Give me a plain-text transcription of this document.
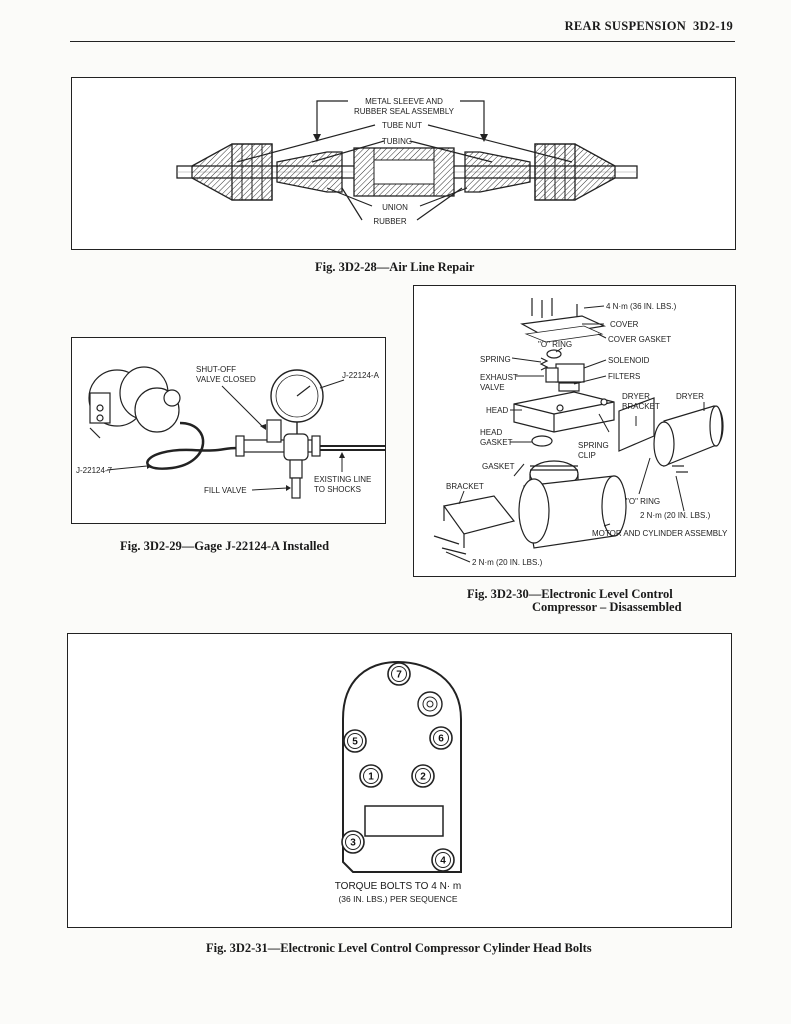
REAR SUSPENSION 3D2-19
METAL SLEEVE AND
RUBBER SEAL ASSEMBLY
TUBE NUT
TUBING
UNION
RUBBER
Fig. 3D2-28—Air Line Repair
SHUT-OFF
VALVE CLOSED	J-22124-A
J-22124-7
FILL VALVE
EXISTING LINE
TO SHOCKS
Fig. 3D2-29—Gage J-22124-A Installed
4 N·m (36 IN. LBS.)
COVER
COVER GASKET
"O" RING
SPRING	SOLENOID
EXHAUST
VALVE
FILTERS
DRYER
BRACKET
DRYER
HEAD
HEAD
GASKET	SPRING
CLIP
GASKET
BRACKET
"O" RING
2 N·m (20 IN. LBS.)
MOTOR AND CYLINDER ASSEMBLY
2 N·m (20 IN. LBS.)
Fig. 3D2-30—Electronic Level Control
Compressor – Disassembled
7
6
5
1	2
3
4
TORQUE BOLTS TO 4 N· m
(36 IN. LBS.) PER SEQUENCE
Fig. 3D2-31—Electronic Level Control Compressor Cylinder Head Bolts
